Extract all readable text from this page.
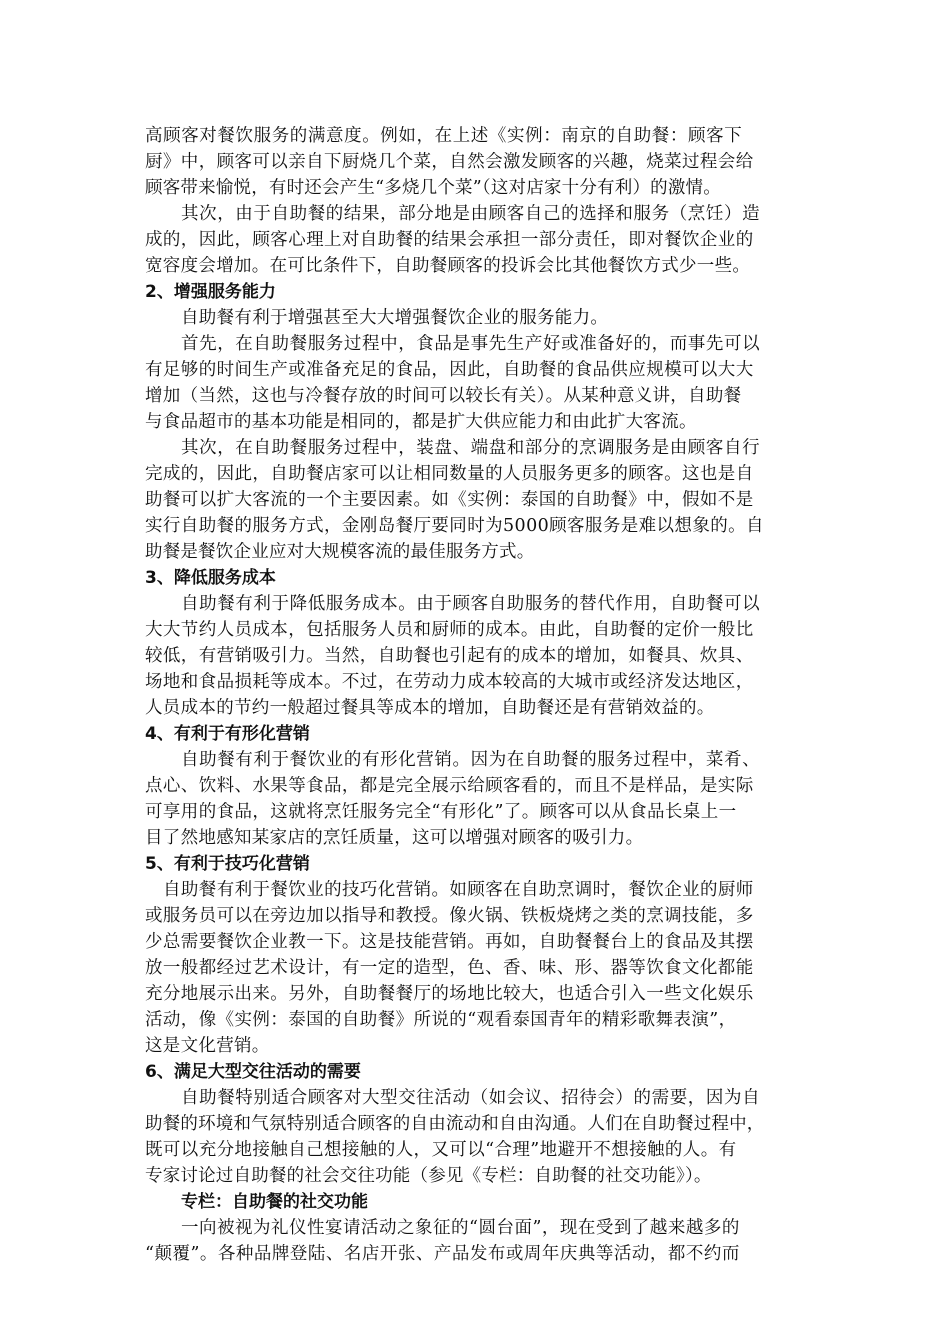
高顾客对餐饮服务的满意度。例如，在上述《实例：南京的自助餐：顾客下
厨》中，顾客可以亲自下厨烧几个菜，自然会激发顾客的兴趣，烧菜过程会给
顾客带来愉悦，有时还会产生“多烧几个菜”（这对店家十分有利）的激情。
其次，由于自助餐的结果，部分地是由顾客自己的选择和服务（烹饪）造
成的，因此，顾客心理上对自助餐的结果会承担一部分责任，即对餐饮企业的
宽容度会增加。在可比条件下，自助餐顾客的投诉会比其他餐饮方式少一些。
2、增强服务能力
自助餐有利于增强甚至大大增强餐饮企业的服务能力。
首先，在自助餐服务过程中，食品是事先生产好或准备好的，而事先可以
有足够的时间生产或准备充足的食品，因此，自助餐的食品供应规模可以大大
增加（当然，这也与冷餐存放的时间可以较长有关）。从某种意义讲，自助餐
与食品超市的基本功能是相同的，都是扩大供应能力和由此扩大客流。
其次，在自助餐服务过程中，装盘、端盘和部分的烹调服务是由顾客自行
完成的，因此，自助餐店家可以让相同数量的人员服务更多的顾客。这也是自
助餐可以扩大客流的一个主要因素。如《实例：泰国的自助餐》中，假如不是
实行自助餐的服务方式，金刚岛餐厅要同时为5000顾客服务是难以想象的。自
助餐是餐饮企业应对大规模客流的最佳服务方式。
3、降低服务成本
自助餐有利于降低服务成本。由于顾客自助服务的替代作用，自助餐可以
大大节约人员成本，包括服务人员和厨师的成本。由此，自助餐的定价一般比
较低，有营销吸引力。当然，自助餐也引起有的成本的增加，如餐具、炊具、
场地和食品损耗等成本。不过，在劳动力成本较高的大城市或经济发达地区，
人员成本的节约一般超过餐具等成本的增加，自助餐还是有营销效益的。
4、有利于有形化营销
自助餐有利于餐饮业的有形化营销。因为在自助餐的服务过程中，菜肴、
点心、饮料、水果等食品，都是完全展示给顾客看的，而且不是样品，是实际
可享用的食品，这就将烹饪服务完全“有形化”了。顾客可以从食品长桌上一
目了然地感知某家店的烹饪质量，这可以增强对顾客的吸引力。
5、有利于技巧化营销
自助餐有利于餐饮业的技巧化营销。如顾客在自助烹调时，餐饮企业的厨师
或服务员可以在旁边加以指导和教授。像火锅、铁板烧烤之类的烹调技能，多
少总需要餐饮企业教一下。这是技能营销。再如，自助餐餐台上的食品及其摆
放一般都经过艺术设计，有一定的造型，色、香、味、形、器等饮食文化都能
充分地展示出来。另外，自助餐餐厅的场地比较大，也适合引入一些文化娱乐
活动，像《实例：泰国的自助餐》所说的“观看泰国青年的精彩歌舞表演”，
这是文化营销。
6、满足大型交往活动的需要
自助餐特别适合顾客对大型交往活动（如会议、招待会）的需要，因为自
助餐的环境和气氛特别适合顾客的自由流动和自由沟通。人们在自助餐过程中，
既可以充分地接触自己想接触的人，又可以“合理”地避开不想接触的人。有
专家讨论过自助餐的社会交往功能（参见《专栏：自助餐的社交功能》）。
专栏：自助餐的社交功能
一向被视为礼仪性宴请活动之象征的“圆台面”，现在受到了越来越多的
“颠覆”。各种品牌登陆、名店开张、产品发布或周年庆典等活动，都不约而
